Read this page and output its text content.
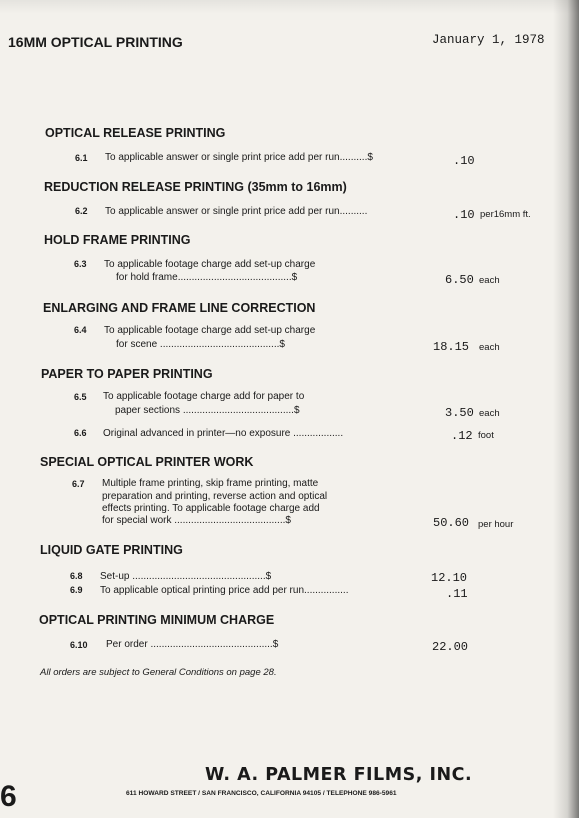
16MM OPTICAL PRINTING	January 1, 1978
OPTICAL RELEASE PRINTING
6.1 To applicable answer or single print price add per run..........$	.10
REDUCTION RELEASE PRINTING (35mm to 16mm)
6.2 To applicable answer or single print price add per run..........	.10 per16mm ft.
HOLD FRAME PRINTING
6.3 To applicable footage charge add set-up charge
for hold frame.........................................$	6.50 each
ENLARGING AND FRAME LINE CORRECTION
6.4 To applicable footage charge add set-up charge
for scene ...........................................$	18.15 each
PAPER TO PAPER PRINTING
6.5 To applicable footage charge add for paper to
paper sections ........................................$	3.50 each
6.6 Original advanced in printer—no exposure ..................	.12 foot
SPECIAL OPTICAL PRINTER WORK
6.7 Multiple frame printing, skip frame printing, matte
preparation and printing, reverse action and optical
effects printing. To applicable footage charge add
for special work ........................................$	50.60 per hour
LIQUID GATE PRINTING
6.8 Set-up ................................................$	12.10
6.9 To applicable optical printing price add per run................	.11
OPTICAL PRINTING MINIMUM CHARGE
6.10 Per order ............................................$	22.00
All orders are subject to General Conditions on page 28.
6
W. A. PALMER FILMS, INC.
611 HOWARD STREET / SAN FRANCISCO, CALIFORNIA 94105 / TELEPHONE 986-5961
